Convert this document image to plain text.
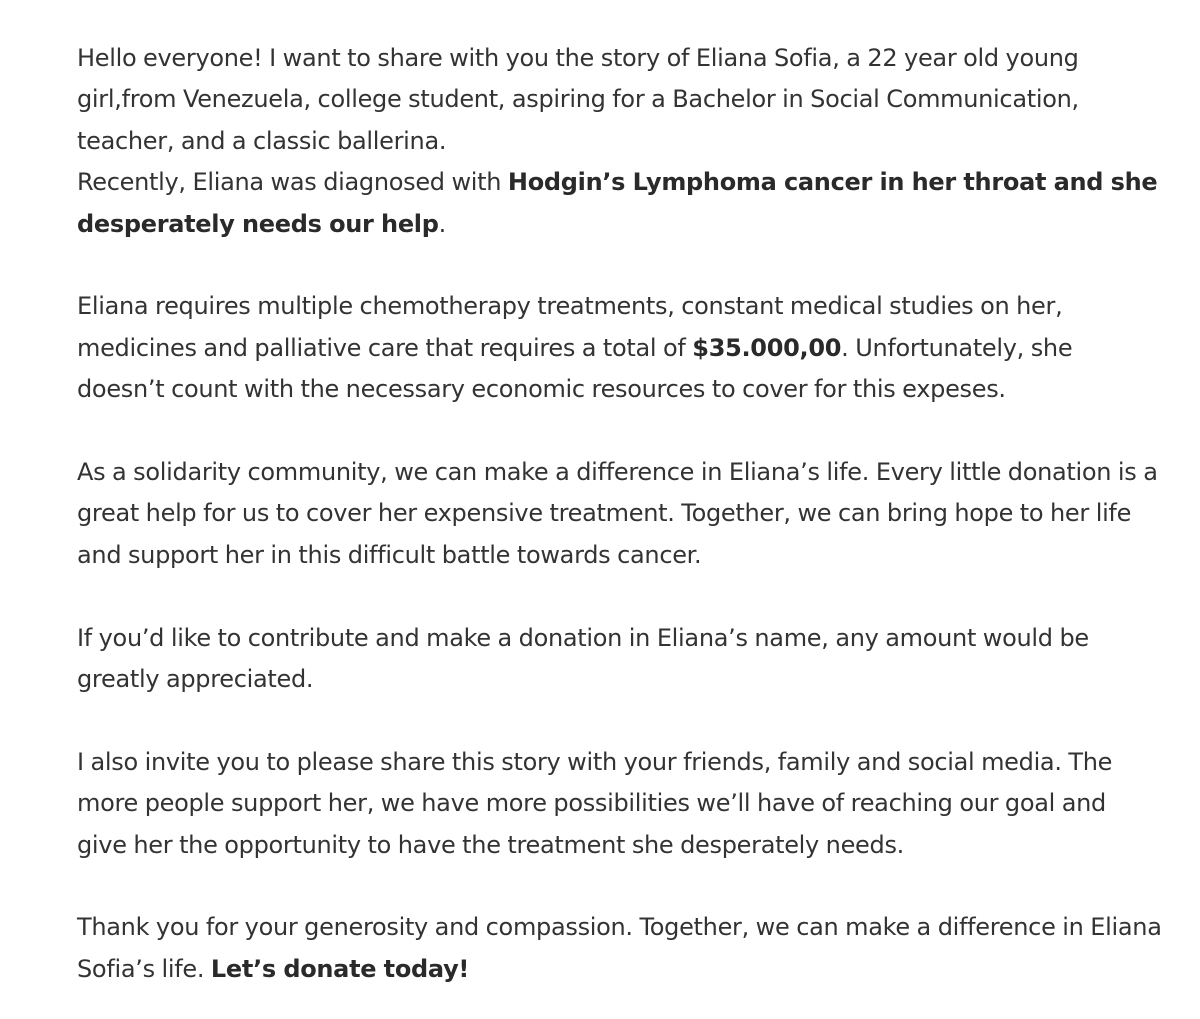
Hello everyone! I want to share with you the story of Eliana Sofia, a 22 year old young girl,from Venezuela, college student, aspiring for a Bachelor in Social Communication, teacher, and a classic ballerina.
Recently, Eliana was diagnosed with Hodgin’s Lymphoma cancer in her throat and she desperately needs our help.
Eliana requires multiple chemotherapy treatments, constant medical studies on her, medicines and palliative care that requires a total of $35.000,00. Unfortunately, she doesn’t count with the necessary economic resources to cover for this expeses.
As a solidarity community, we can make a difference in Eliana’s life. Every little donation is a great help for us to cover her expensive treatment. Together, we can bring hope to her life and support her in this difficult battle towards cancer.
If you’d like to contribute and make a donation in Eliana’s name, any amount would be greatly appreciated.
I also invite you to please share this story with your friends, family and social media. The more people support her, we have more possibilities we’ll have of reaching our goal and give her the opportunity to have the treatment she desperately needs.
Thank you for your generosity and compassion. Together, we can make a difference in Eliana Sofia’s life. Let’s donate today!
